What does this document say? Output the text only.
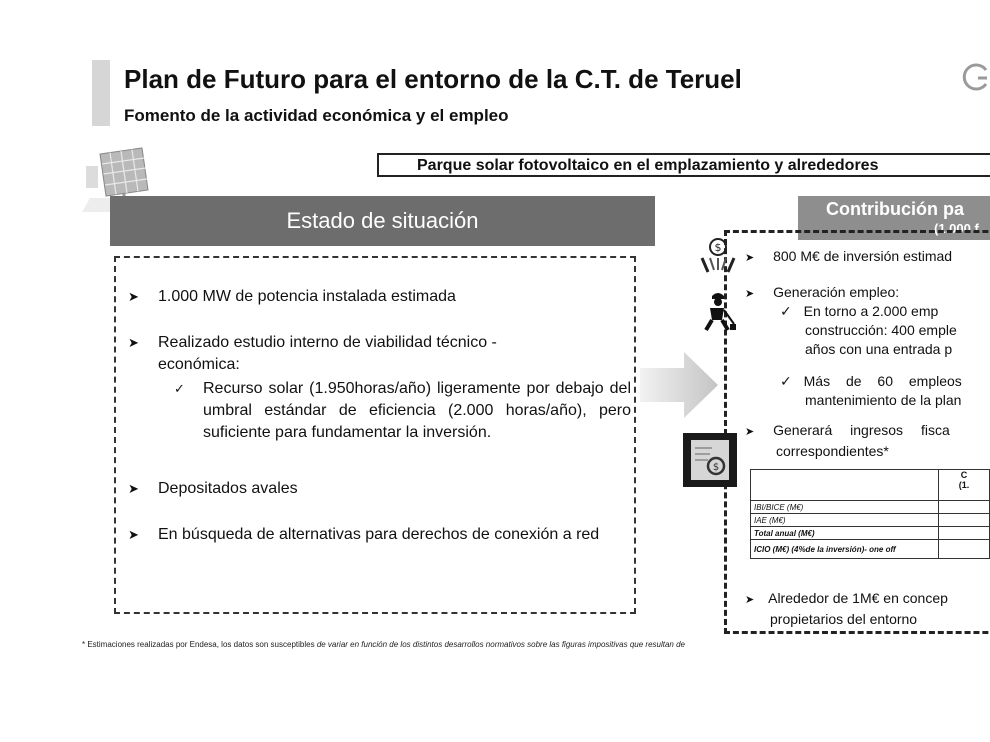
Plan de Futuro para el entorno de la C.T. de Teruel
Fomento de la actividad económica y el empleo
Parque solar fotovoltaico en el emplazamiento y alrededores
Estado de situación
➤ 1.000 MW de potencia instalada estimada
➤ Realizado estudio interno de viabilidad técnico - económica:
✓ Recurso solar (1.950horas/año) ligeramente por debajo del umbral estándar de eficiencia (2.000 horas/año), pero suficiente para fundamentar la inversión.
➤ Depositados avales
➤ En búsqueda de alternativas para derechos de conexión a red
Contribución pa
(1.000 f
$
$
➤ 800 M€ de inversión estimad
➤ Generación empleo:
✓ En torno a 2.000 emp
construcción: 400 emple
años con una entrada p
✓ Más de 60 empleos
mantenimiento de la plan
➤ Generará ingresos fisca
correspondientes*
	C
(1.
IBI/BICE (M€)	
IAE (M€)	
Total anual (M€)	
ICIO (M€) (4%de la inversión)- one off	
➤ Alrededor de 1M€ en concep
propietarios del entorno
* Estimaciones realizadas por Endesa, los datos son susceptibles de variar en función de los distintos desarrollos normativos sobre las figuras impositivas que resultan de
